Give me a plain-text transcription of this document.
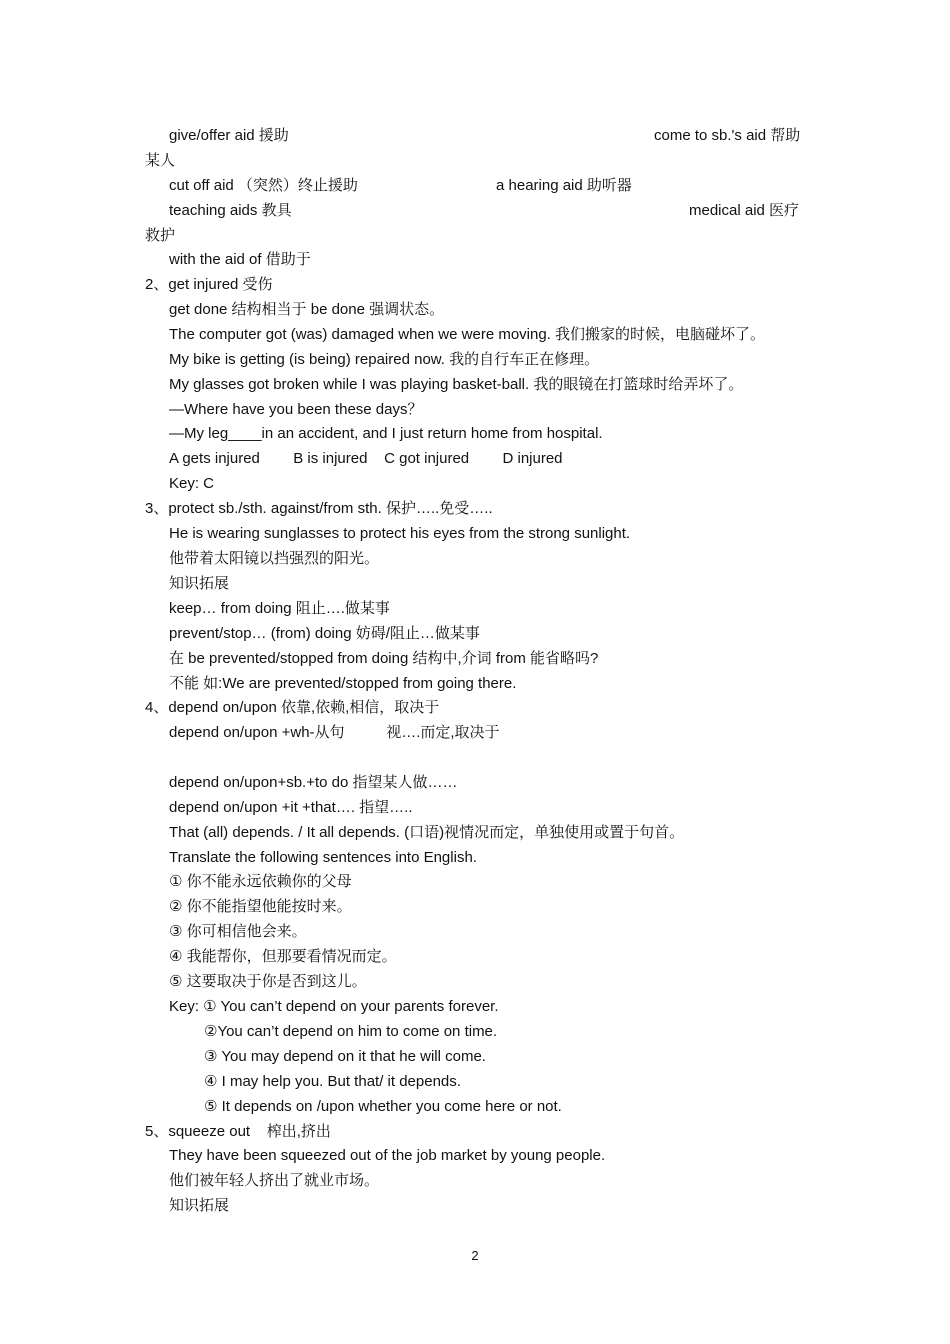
give/offer aid 援助	come to sb.'s aid 帮助
某人
cut off aid （突然）终止援助	a hearing aid 助听器
teaching aids 教具	medical aid 医疗
救护
with the aid of 借助于
2、get injured 受伤
get done 结构相当于 be done 强调状态。
The computer got (was) damaged when we were moving. 我们搬家的时候，电脑碰坏了。
My bike is getting (is being) repaired now. 我的自行车正在修理。
My glasses got broken while I was playing basket-ball. 我的眼镜在打篮球时给弄坏了。
—Where have you been these days？
—My leg____in an accident, and I just return home from hospital.
A gets injured        B is injured    C got injured        D injured
Key: C
3、protect sb./sth. against/from sth. 保护…..免受…..
He is wearing sunglasses to protect his eyes from the strong sunlight.
他带着太阳镜以挡强烈的阳光。
知识拓展
keep… from doing 阻止….做某事
prevent/stop… (from) doing 妨碍/阻止…做某事
在 be prevented/stopped from doing 结构中,介词 from 能省略吗?
不能 如:We are prevented/stopped from going there.
4、depend on/upon 依靠,依赖,相信，取决于
depend on/upon +wh-从句          视….而定,取决于
depend on/upon+sb.+to do 指望某人做……
depend on/upon +it +that…. 指望…..
That (all) depends. / It all depends. (口语)视情况而定，单独使用或置于句首。
Translate the following sentences into English.
① 你不能永远依赖你的父母
② 你不能指望他能按时来。
③ 你可相信他会来。
④ 我能帮你，但那要看情况而定。
⑤ 这要取决于你是否到这儿。
Key: ① You can’t depend on your parents forever.
②You can’t depend on him to come on time.
③ You may depend on it that he will come.
④ I may help you. But that/ it depends.
⑤ It depends on /upon whether you come here or not.
5、squeeze out    榨出,挤出
They have been squeezed out of the job market by young people.
他们被年轻人挤出了就业市场。
知识拓展
2
